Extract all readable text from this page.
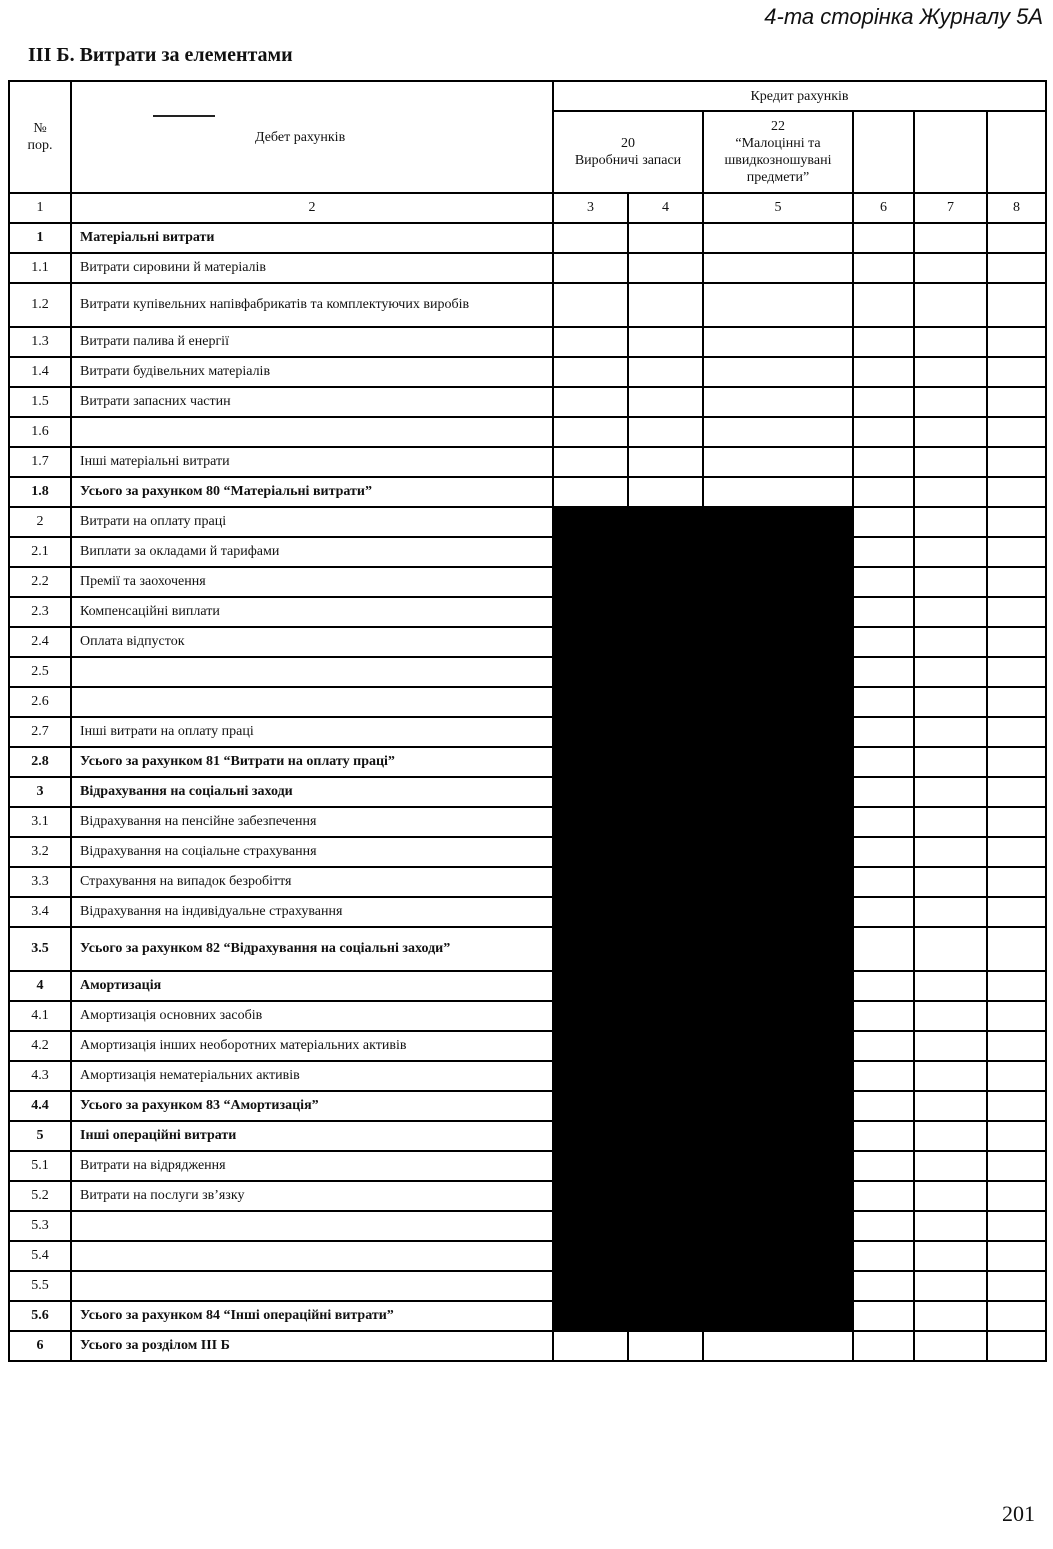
4-та сторінка Журналу 5А
ІІІ Б. Витрати за елементами
№
пор.	Дебет рахунків	Кредит рахунків					
		20
Виробничі запаси		22
“Малоцінні та швидкозношувані предмети”			
1	2	3	4	5	6	7	8
1	Матеріальні витрати						
1.1	Витрати сировини й матеріалів						
1.2	Витрати купівельних напівфабрикатів та комплектуючих виробів						
1.3	Витрати палива й енергії						
1.4	Витрати будівельних матеріалів						
1.5	Витрати запасних частин						
1.6							
1.7	Інші матеріальні витрати						
1.8	Усього за рахунком 80 “Матеріальні витрати”						
2	Витрати на оплату праці						
2.1	Виплати за окладами й тарифами						
2.2	Премії та заохочення						
2.3	Компенсаційні виплати						
2.4	Оплата відпусток						
2.5							
2.6							
2.7	Інші витрати на оплату праці						
2.8	Усього за рахунком 81 “Витрати на оплату праці”						
3	Відрахування на соціальні заходи						
3.1	Відрахування на пенсійне забезпечення						
3.2	Відрахування на соціальне страхування						
3.3	Страхування на випадок безробіття						
3.4	Відрахування на індивідуальне страхування						
3.5	Усього за рахунком 82 “Відрахування на соціальні заходи”						
4	Амортизація						
4.1	Амортизація основних засобів						
4.2	Амортизація інших необоротних матеріальних активів						
4.3	Амортизація нематеріальних активів						
4.4	Усього за рахунком 83 “Амортизація”						
5	Інші операційні витрати						
5.1	Витрати на відрядження						
5.2	Витрати на послуги зв’язку						
5.3							
5.4							
5.5							
5.6	Усього за рахунком 84 “Інші операційні витрати”						
6	Усього за розділом ІІІ Б						
201
